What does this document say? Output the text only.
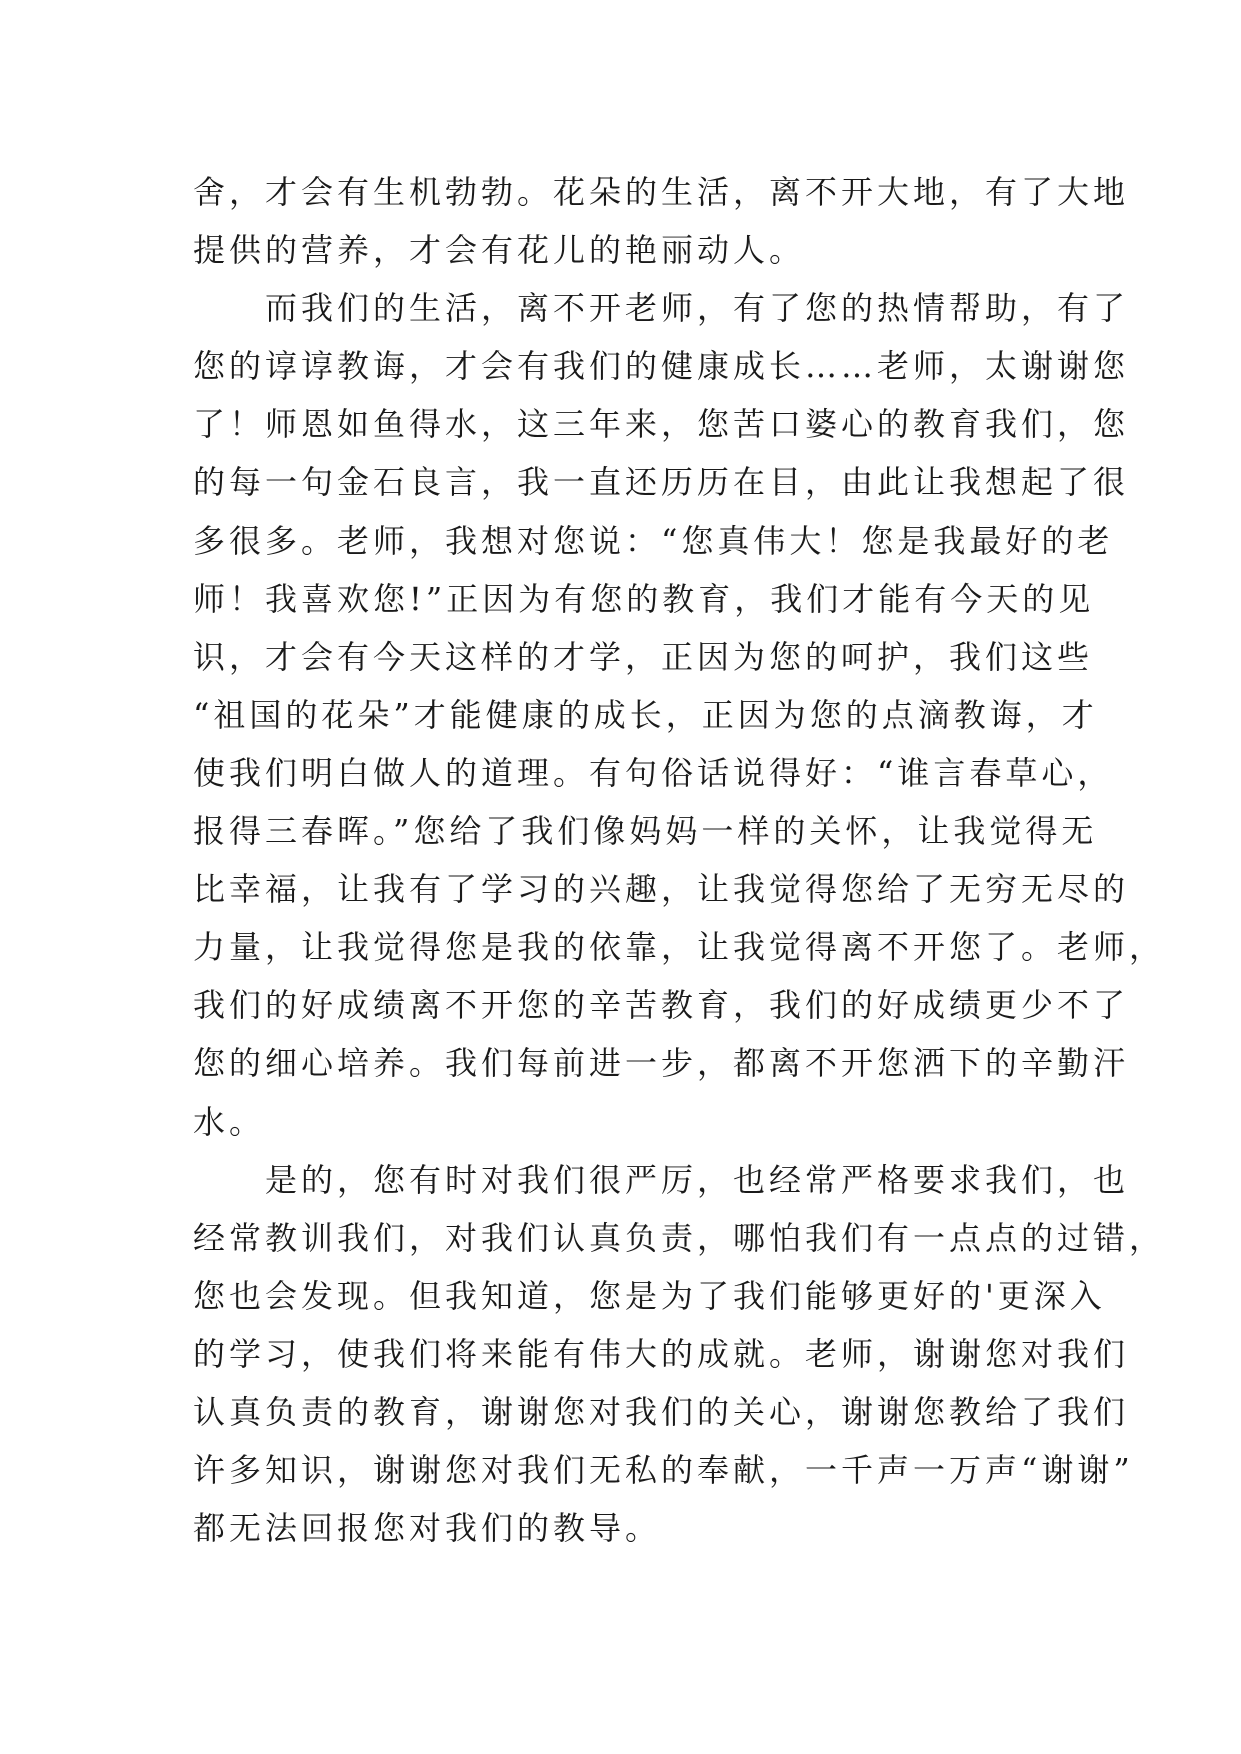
舍，才会有生机勃勃。花朵的生活，离不开大地，有了大地
提供的营养，才会有花儿的艳丽动人。
　　而我们的生活，离不开老师，有了您的热情帮助，有了
您的谆谆教诲，才会有我们的健康成长……老师，太谢谢您
了！师恩如鱼得水，这三年来，您苦口婆心的教育我们，您
的每一句金石良言，我一直还历历在目，由此让我想起了很
多很多。老师，我想对您说：“您真伟大！您是我最好的老
师！我喜欢您!”正因为有您的教育，我们才能有今天的见
识，才会有今天这样的才学，正因为您的呵护，我们这些
“祖国的花朵”才能健康的成长，正因为您的点滴教诲，才
使我们明白做人的道理。有句俗话说得好：“谁言春草心，
报得三春晖。”您给了我们像妈妈一样的关怀，让我觉得无
比幸福，让我有了学习的兴趣，让我觉得您给了无穷无尽的
力量，让我觉得您是我的依靠，让我觉得离不开您了。老师，
我们的好成绩离不开您的辛苦教育，我们的好成绩更少不了
您的细心培养。我们每前进一步，都离不开您洒下的辛勤汗
水。
　　是的，您有时对我们很严厉，也经常严格要求我们，也
经常教训我们，对我们认真负责，哪怕我们有一点点的过错，
您也会发现。但我知道，您是为了我们能够更好的'更深入
的学习，使我们将来能有伟大的成就。老师，谢谢您对我们
认真负责的教育，谢谢您对我们的关心，谢谢您教给了我们
许多知识，谢谢您对我们无私的奉献，一千声一万声“谢谢”
都无法回报您对我们的教导。
